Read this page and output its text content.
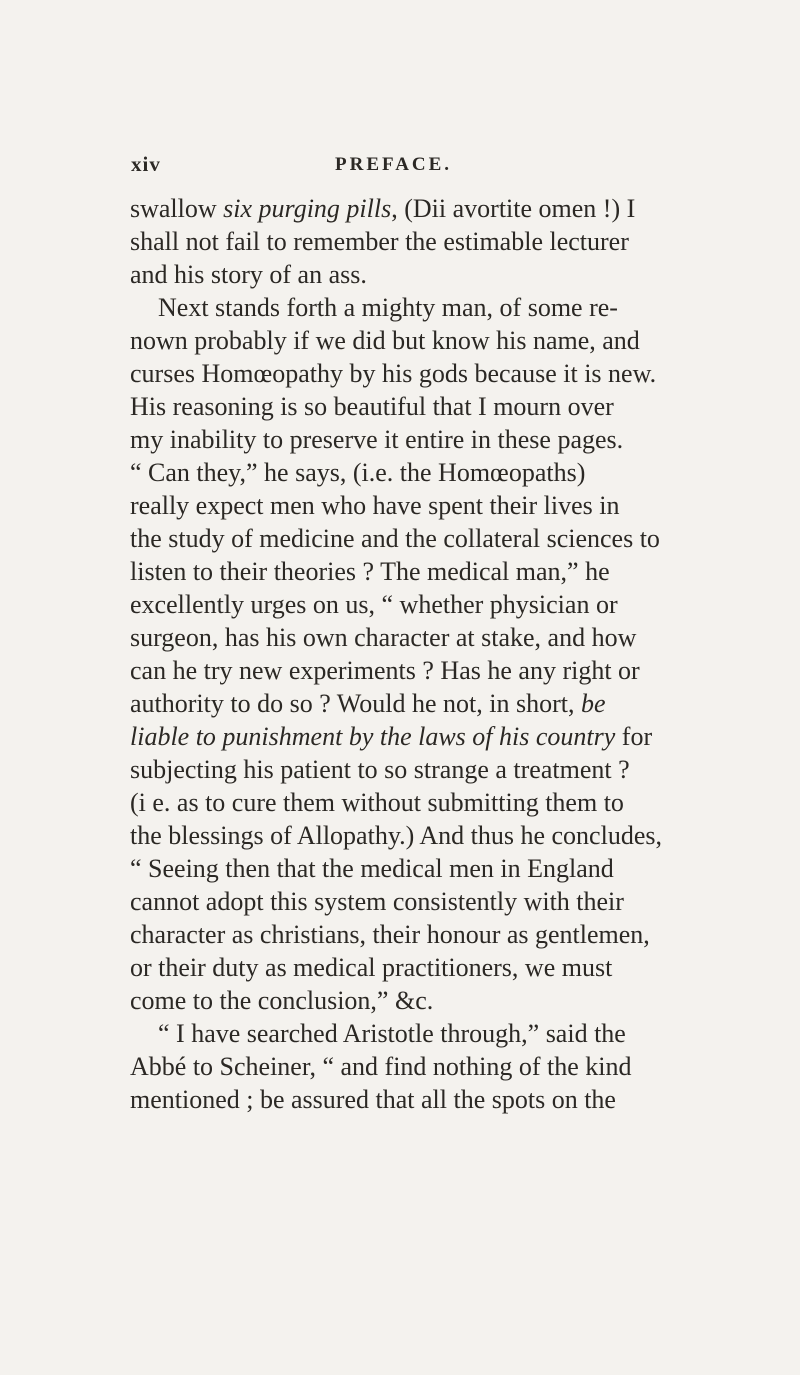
xiv	PREFACE.
swallow six purging pills, (Dii avortite omen !) I
shall not fail to remember the estimable lecturer
and his story of an ass.
Next stands forth a mighty man, of some re-
nown probably if we did but know his name, and
curses Homœopathy by his gods because it is new.
His reasoning is so beautiful that I mourn over
my inability to preserve it entire in these pages.
“ Can they,” he says, (i.e. the Homœopaths)
really expect men who have spent their lives in
the study of medicine and the collateral sciences to
listen to their theories ? The medical man,” he
excellently urges on us, “ whether physician or
surgeon, has his own character at stake, and how
can he try new experiments ? Has he any right or
authority to do so ? Would he not, in short, be
liable to punishment by the laws of his country for
subjecting his patient to so strange a treatment ?
(i e. as to cure them without submitting them to
the blessings of Allopathy.) And thus he concludes,
“ Seeing then that the medical men in England
cannot adopt this system consistently with their
character as christians, their honour as gentlemen,
or their duty as medical practitioners, we must
come to the conclusion,” &c.
“ I have searched Aristotle through,” said the
Abbé to Scheiner, “ and find nothing of the kind
mentioned ; be assured that all the spots on the
